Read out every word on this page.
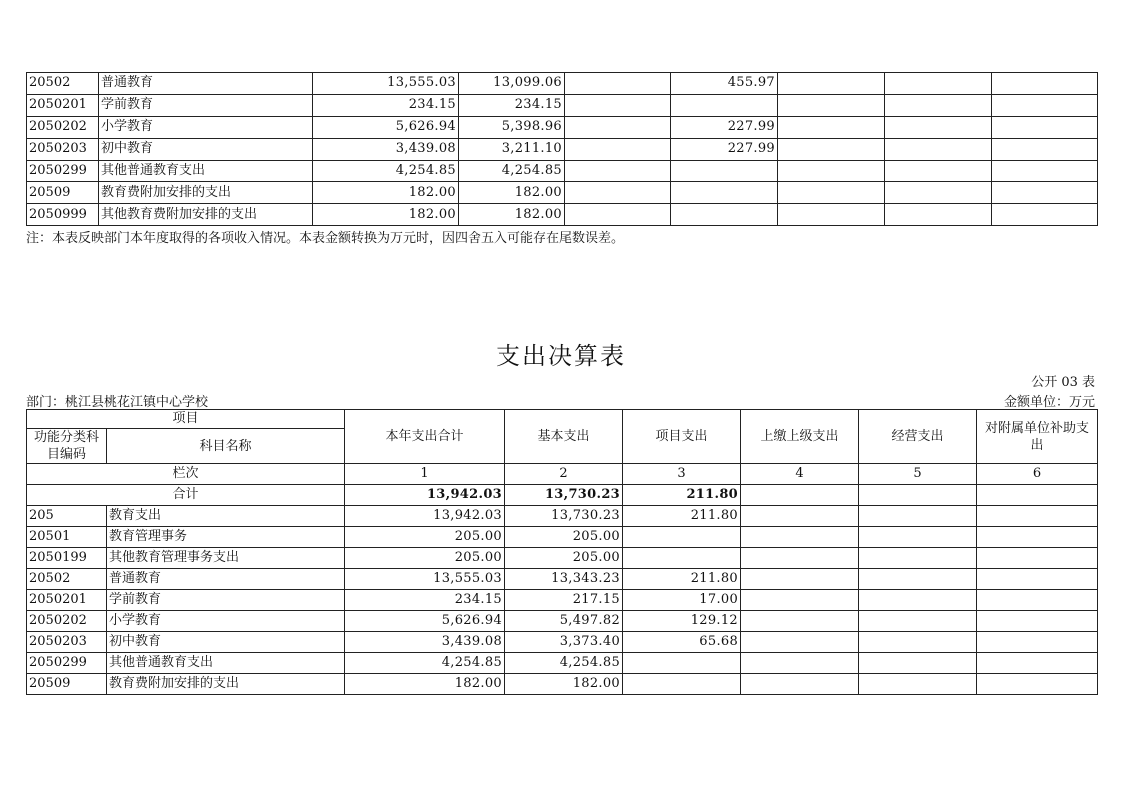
20502	普通教育	13,555.03	13,099.06		455.97			
2050201	学前教育	234.15	234.15					
2050202	小学教育	5,626.94	5,398.96		227.99			
2050203	初中教育	3,439.08	3,211.10		227.99			
2050299	其他普通教育支出	4,254.85	4,254.85					
20509	教育费附加安排的支出	182.00	182.00					
2050999	其他教育费附加安排的支出	182.00	182.00					
注：本表反映部门本年度取得的各项收入情况。本表金额转换为万元时，因四舍五入可能存在尾数误差。
支出决算表
公开 03 表
部门：桃江县桃花江镇中心学校	金额单位：万元
项目		本年支出合计	基本支出	项目支出	上缴上级支出	经营支出	对附属单位补助支出
功能分类科目编码	科目名称						
栏次		1	2	3	4	5	6
合计		13,942.03	13,730.23	211.80			
205	教育支出	13,942.03	13,730.23	211.80			
20501	教育管理事务	205.00	205.00				
2050199	其他教育管理事务支出	205.00	205.00				
20502	普通教育	13,555.03	13,343.23	211.80			
2050201	学前教育	234.15	217.15	17.00			
2050202	小学教育	5,626.94	5,497.82	129.12			
2050203	初中教育	3,439.08	3,373.40	65.68			
2050299	其他普通教育支出	4,254.85	4,254.85				
20509	教育费附加安排的支出	182.00	182.00				
